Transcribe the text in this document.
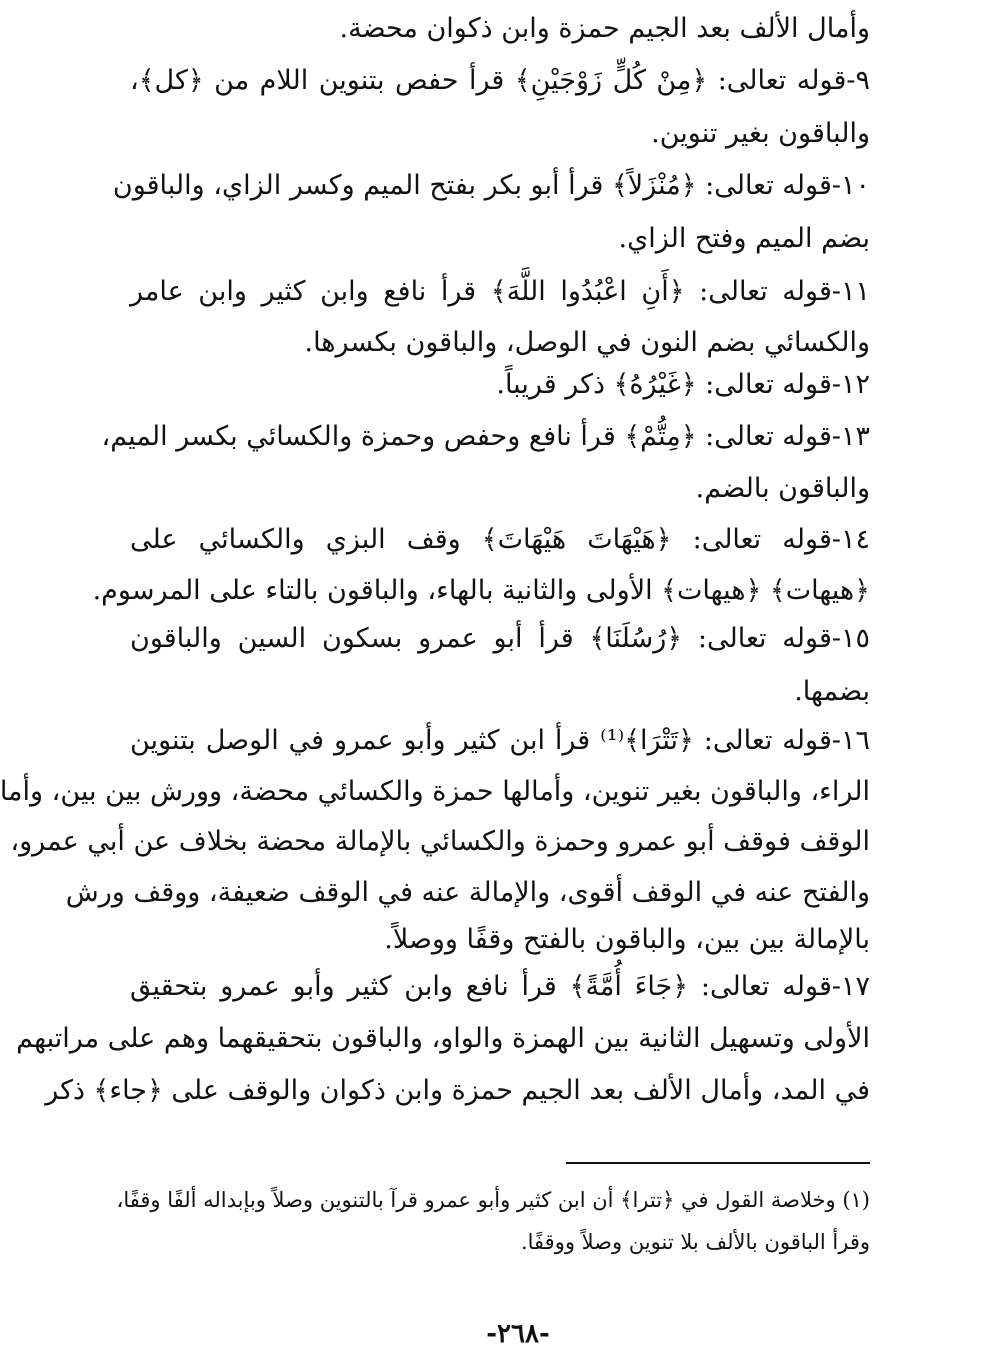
وأمال الألف بعد الجيم حمزة وابن ذكوان محضة.
٩-قوله تعالى: ﴿مِنْ كُلٍّ زَوْجَيْنِ﴾ قرأ حفص بتنوين اللام من ﴿كل﴾،
والباقون بغير تنوين.
١٠-قوله تعالى: ﴿مُنْزَلاً﴾ قرأ أبو بكر بفتح الميم وكسر الزاي، والباقون
بضم الميم وفتح الزاي.
١١-قوله تعالى: ﴿أَنِ اعْبُدُوا اللَّهَ﴾ قرأ نافع وابن كثير وابن عامر
والكسائي بضم النون في الوصل، والباقون بكسرها.
١٢-قوله تعالى: ﴿غَيْرُهُ﴾ ذكر قريباً.
١٣-قوله تعالى: ﴿مِتُّمْ﴾ قرأ نافع وحفص وحمزة والكسائي بكسر الميم،
والباقون بالضم.
١٤-قوله تعالى: ﴿هَيْهَاتَ هَيْهَاتَ﴾ وقف البزي والكسائي على
﴿هيهات﴾ ﴿هيهات﴾ الأولى والثانية بالهاء، والباقون بالتاء على المرسوم.
١٥-قوله تعالى: ﴿رُسُلَنَا﴾ قرأ أبو عمرو بسكون السين والباقون
بضمها.
١٦-قوله تعالى: ﴿تَتْرَا﴾⁽¹⁾ قرأ ابن كثير وأبو عمرو في الوصل بتنوين
الراء، والباقون بغير تنوين، وأمالها حمزة والكسائي محضة، وورش بين بين، وأما
الوقف فوقف أبو عمرو وحمزة والكسائي بالإمالة محضة بخلاف عن أبي عمرو،
والفتح عنه في الوقف أقوى، والإمالة عنه في الوقف ضعيفة، ووقف ورش
بالإمالة بين بين، والباقون بالفتح وقفًا ووصلاً.
١٧-قوله تعالى: ﴿جَاءَ أُمَّةً﴾ قرأ نافع وابن كثير وأبو عمرو بتحقيق
الأولى وتسهيل الثانية بين الهمزة والواو، والباقون بتحقيقهما وهم على مراتبهم
في المد، وأمال الألف بعد الجيم حمزة وابن ذكوان والوقف على ﴿جاء﴾ ذكر
(١) وخلاصة القول في ﴿تترا﴾ أن ابن كثير وأبو عمرو قرآ بالتنوين وصلاً وبإبداله ألفًا وقفًا،
وقرأ الباقون بالألف بلا تنوين وصلاً ووقفًا.
-٢٦٨-
